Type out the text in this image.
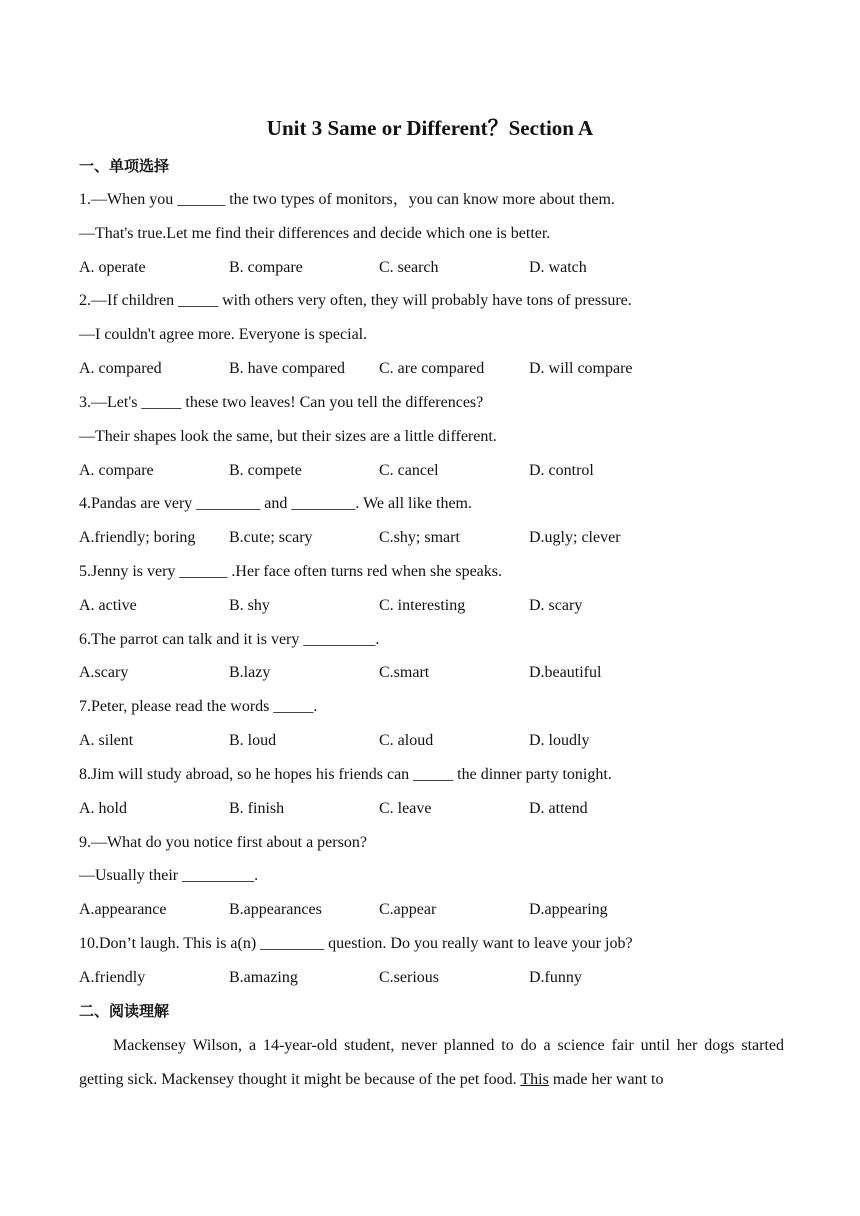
Unit 3 Same or Different？Section A
一、单项选择
1.—When you ______ the two types of monitors，you can know more about them.
—That's true.Let me find their differences and decide which one is better.
A. operate	B. compare	C. search	D. watch
2.—If children _____ with others very often, they will probably have tons of pressure.
—I couldn't agree more. Everyone is special.
A. compared	B. have compared C. are compared	D. will compare
3.—Let's _____ these two leaves! Can you tell the differences?
—Their shapes look the same, but their sizes are a little different.
A. compare	B. compete	C. cancel	D. control
4.Pandas are very ________ and ________. We all like them.
A.friendly; boring B.cute; scary	C.shy; smart	D.ugly; clever
5.Jenny is very ______ .Her face often turns red when she speaks.
A. active	B. shy	C. interesting	D. scary
6.The parrot can talk and it is very _________.
A.scary	B.lazy	C.smart	D.beautiful
7.Peter, please read the words _____.
A. silent	B. loud	C. aloud	D. loudly
8.Jim will study abroad, so he hopes his friends can _____ the dinner party tonight.
A. hold	B. finish	C. leave	D. attend
9.—What do you notice first about a person?
—Usually their _________.
A.appearance	B.appearances	C.appear	D.appearing
10.Don’t laugh. This is a(n) ________ question. Do you really want to leave your job?
A.friendly	B.amazing	C.serious	D.funny
二、阅读理解
Mackensey Wilson, a 14-year-old student, never planned to do a science fair until her dogs started getting sick. Mackensey thought it might be because of the pet food. This made her want to
